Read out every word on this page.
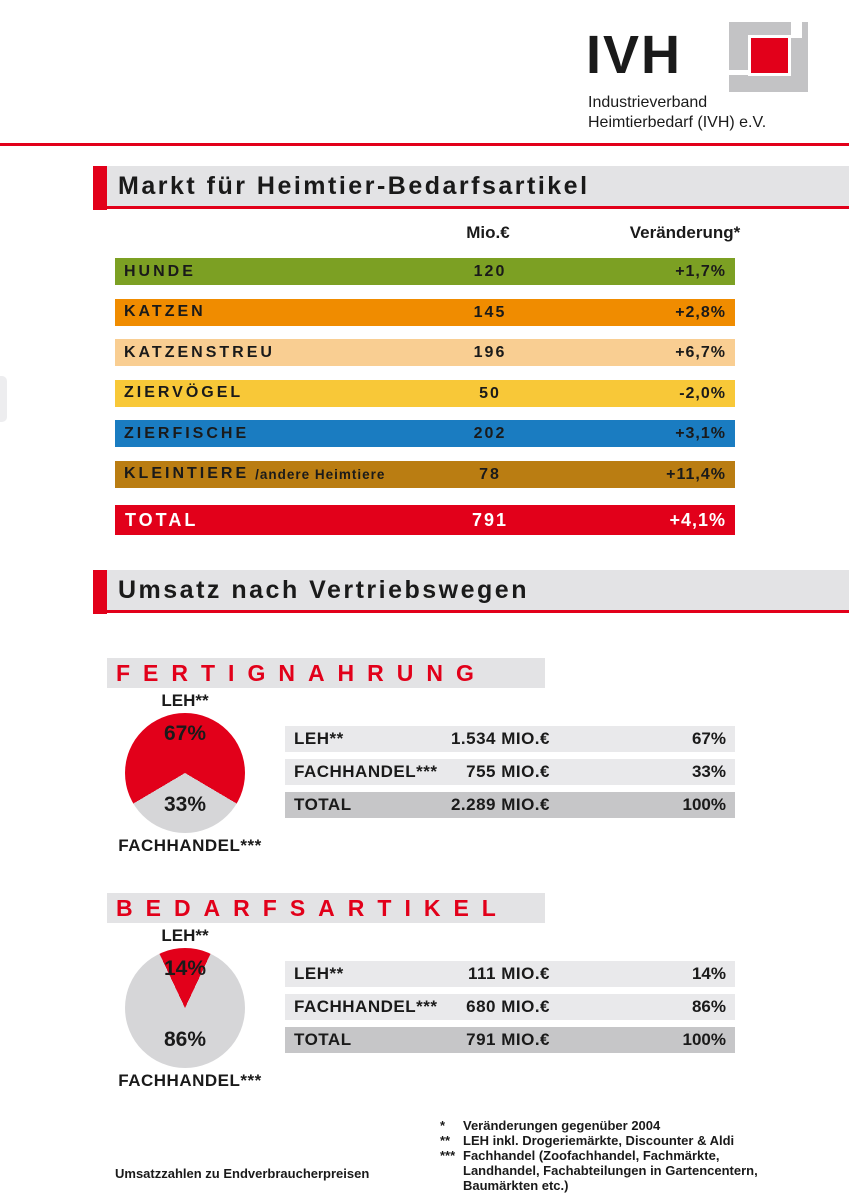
IVH
Industrieverband
Heimtierbedarf (IVH) e.V.
Markt für Heimtier-Bedarfsartikel
Mio.€	Veränderung*
HUNDE	120	+1,7%
KATZEN	145	+2,8%
KATZENSTREU	196	+6,7%
ZIERVÖGEL	50	-2,0%
ZIERFISCHE	202	+3,1%
KLEINTIERE /andere Heimtiere	78	+11,4%
TOTAL	791	+4,1%
Umsatz nach Vertriebswegen
FERTIGNAHRUNG
LEH**
67%
33%
FACHHANDEL***
LEH**	1.534 MIO.€	67%
FACHHANDEL***	755 MIO.€	33%
TOTAL	2.289 MIO.€	100%
BEDARFSARTIKEL
LEH**
14%
86%
FACHHANDEL***
LEH**	111 MIO.€	14%
FACHHANDEL***	680 MIO.€	86%
TOTAL	791 MIO.€	100%
*	Veränderungen gegenüber 2004
** LEH inkl. Drogeriemärkte, Discounter & Aldi
*** Fachhandel (Zoofachhandel, Fachmärkte, Landhandel, Fachabteilungen in Gartencentern, Baumärkten etc.)
Umsatzzahlen zu Endverbraucherpreisen
